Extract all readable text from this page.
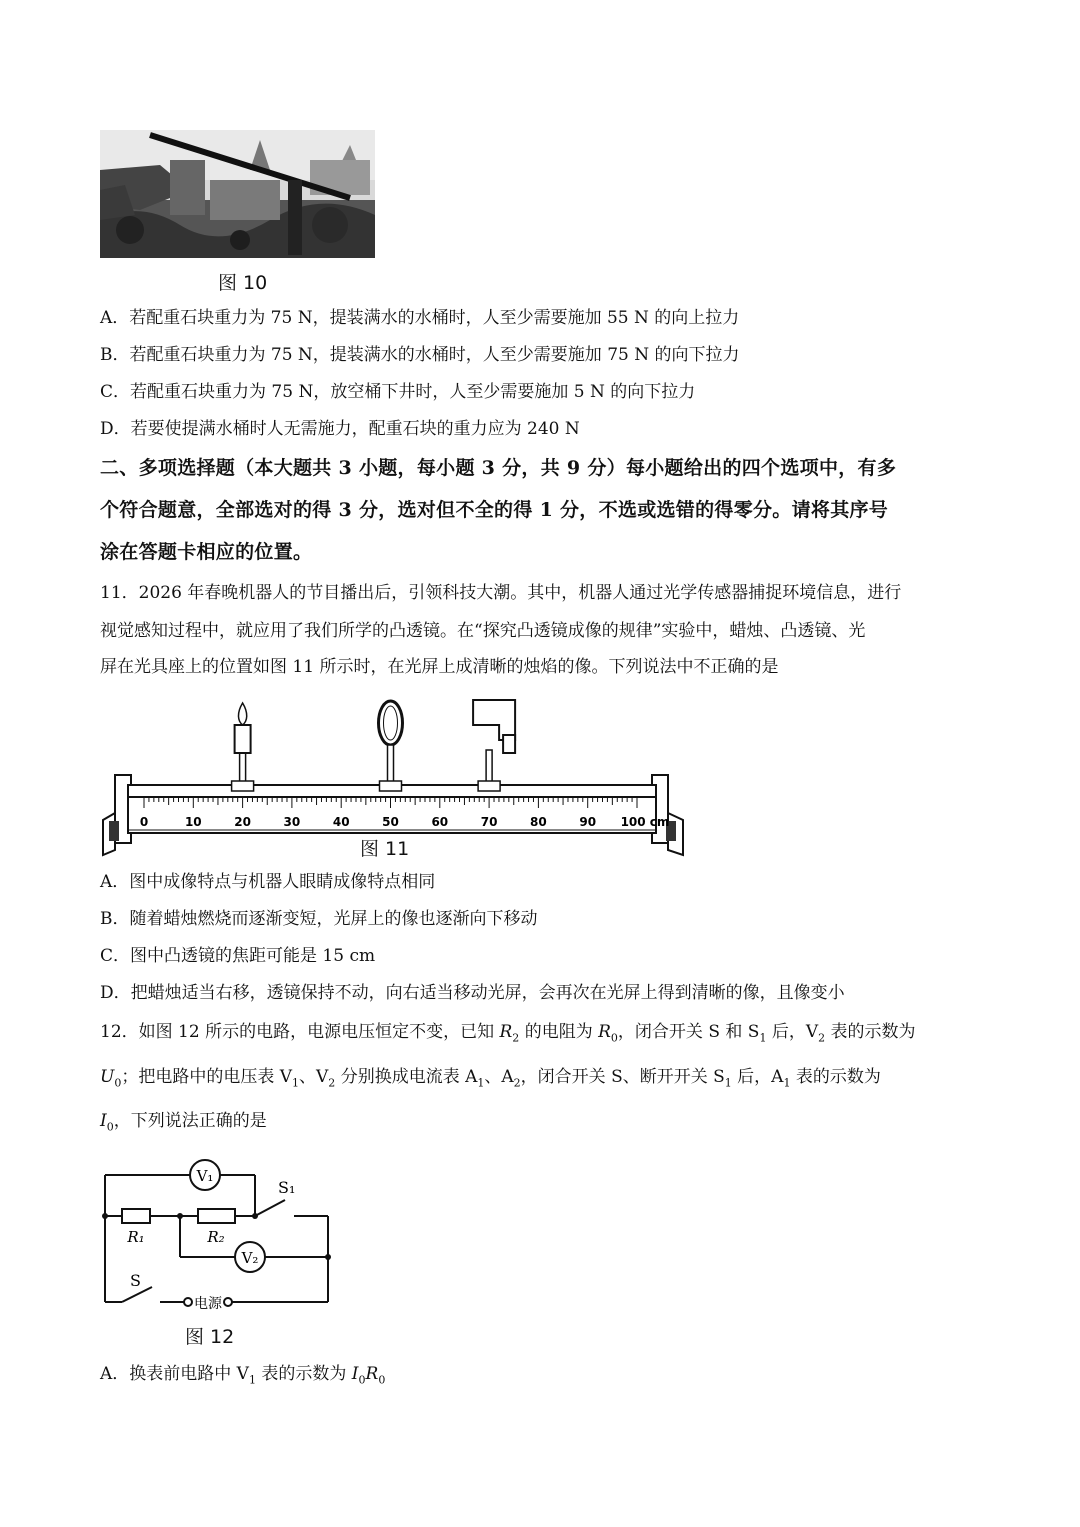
图 10
A．若配重石块重力为 75 N，提装满水的水桶时，人至少需要施加 55 N 的向上拉力
B．若配重石块重力为 75 N，提装满水的水桶时，人至少需要施加 75 N 的向下拉力
C．若配重石块重力为 75 N，放空桶下井时，人至少需要施加 5 N 的向下拉力
D．若要使提满水桶时人无需施力，配重石块的重力应为 240 N
二、多项选择题（本大题共 3 小题，每小题 3 分，共 9 分）每小题给出的四个选项中，有多
个符合题意，全部选对的得 3 分，选对但不全的得 1 分，不选或选错的得零分。请将其序号
涂在答题卡相应的位置。
11．2026 年春晚机器人的节目播出后，引领科技大潮。其中，机器人通过光学传感器捕捉环境信息，进行
视觉感知过程中，就应用了我们所学的凸透镜。在“探究凸透镜成像的规律”实验中，蜡烛、凸透镜、光
屏在光具座上的位置如图 11 所示时，在光屏上成清晰的烛焰的像。下列说法中不正确的是
0	10	20	30	40	50	60	70	80	90 100 cm
图 11
A．图中成像特点与机器人眼睛成像特点相同
B．随着蜡烛燃烧而逐渐变短，光屏上的像也逐渐向下移动
C．图中凸透镜的焦距可能是 15 cm
D．把蜡烛适当右移，透镜保持不动，向右适当移动光屏，会再次在光屏上得到清晰的像，且像变小
12．如图 12 所示的电路，电源电压恒定不变，已知 $R_2$ 的电阻为 $R_0$，闭合开关 S 和 $S_1$ 后，$V_2$ 表的示数为
$U_0$；把电路中的电压表 $V_1$、$V_2$ 分别换成电流表 $A_1$、$A_2$，闭合开关 S、断开开关 $S_1$ 后，$A_1$ 表的示数为
$I_0$，下列说法正确的是
V₁
V₂
电源
S₁
S
R₁	R₂
图 12
A．换表前电路中 $V_1$ 表的示数为 $I_0R_0$
